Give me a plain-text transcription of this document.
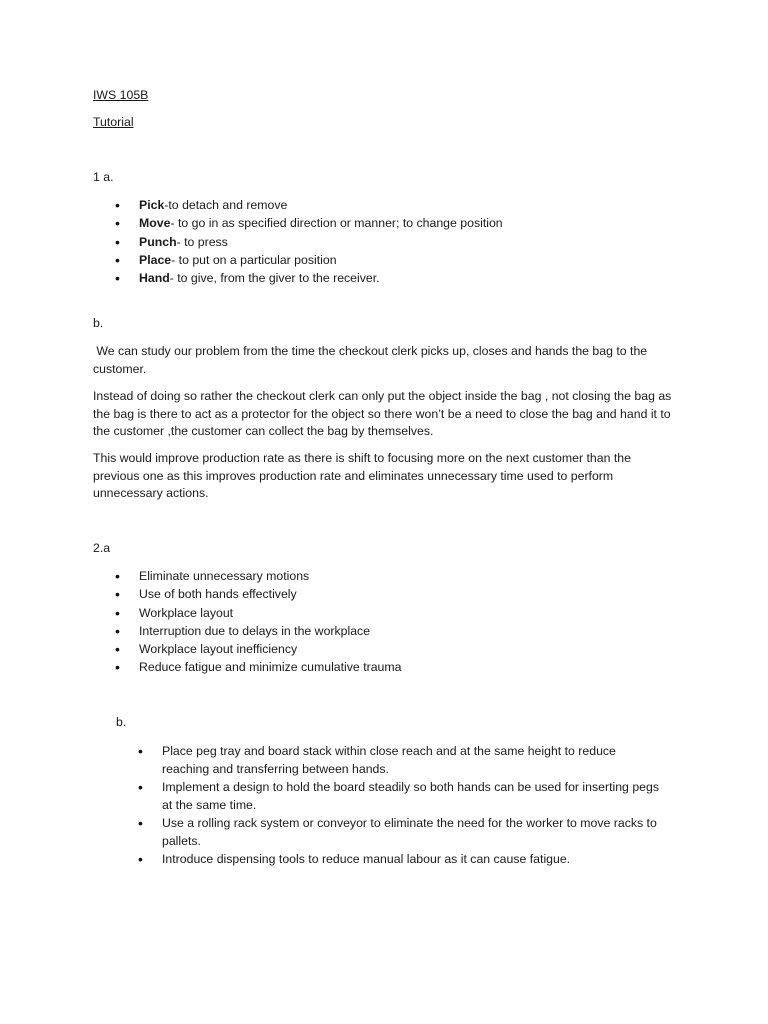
IWS 105B
Tutorial
1 a.
• Pick-to detach and remove
• Move- to go in as specified direction or manner; to change position
• Punch- to press
• Place- to put on a particular position
• Hand- to give, from the giver to the receiver.
b.

We can study our problem from the time the checkout clerk picks up, closes and hands the bag to the customer.

Instead of doing so rather the checkout clerk can only put the object inside the bag , not closing the bag as the bag is there to act as a protector for the object so there won’t be a need to close the bag and hand it to the customer ,the customer can collect the bag by themselves.

This would improve production rate as there is shift to focusing more on the next customer than the previous one as this improves production rate and eliminates unnecessary time used to perform unnecessary actions.

2.a
• Eliminate unnecessary motions
• Use of both hands effectively
• Workplace layout
• Interruption due to delays in the workplace
• Workplace layout inefficiency
• Reduce fatigue and minimize cumulative trauma
b.
• Place peg tray and board stack within close reach and at the same height to reduce reaching and transferring between hands.
• Implement a design to hold the board steadily so both hands can be used for inserting pegs at the same time.
• Use a rolling rack system or conveyor to eliminate the need for the worker to move racks to pallets.
• Introduce dispensing tools to reduce manual labour as it can cause fatigue.
